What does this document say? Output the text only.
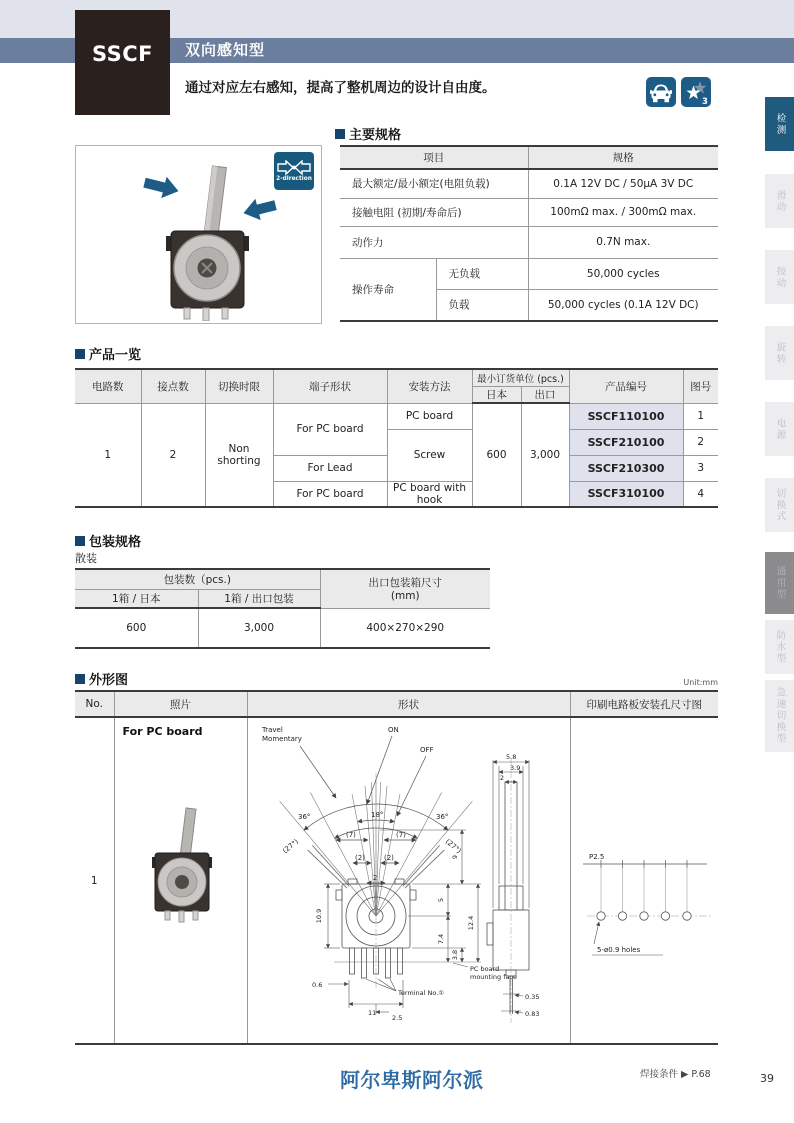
双向感知型
SSCF
通过对应左右感知，提高了整机周边的设计自由度。
3
检测
滑动
按动
旋转
电源
切换式
通用型
防水型
急速切换型
2-direction
主要规格
项目		规格
最大额定/最小额定(电阻负载)		0.1A 12V DC / 50μA 3V DC
接触电阻 (初期/寿命后)		100mΩ max. / 300mΩ max.
动作力		0.7N max.
操作寿命	无负载	50,000 cycles
	负载	50,000 cycles (0.1A 12V DC)
产品一览
电路数	接点数	切换时限	端子形状	安装方法	最小订货单位 (pcs.)		产品编号	图号
					日本	出口		
1	2	Non shorting	For PC board	PC board	600	3,000	SSCF110100	1
				Screw			SSCF210100	2
			For Lead				SSCF210300	3
			For PC board	PC board with hook			SSCF310100	4
包装规格
散装
包装数（pcs.)		出口包装箱尺寸
(mm)
1箱 / 日本	1箱 / 出口包装	
600	3,000	400×270×290
外形图	Unit:mm
No.	照片	形状	印刷电路板安装孔尺寸图
1	
For PC board	Travel
Momentary
ON
OFF
36°	36°
(27°)	(27°)
18°
(7)	(7)
(2)	(2)
2
10.9
9
5
7.4
3.8
12.4
0.6
11
2.5
Terminal No.①
PC board
mounting face
5.8
3.9
2
0.35
0.83

P2.5
5-ø0.9 holes
阿尔卑斯阿尔派	焊接条件 ▶ P.68	39
